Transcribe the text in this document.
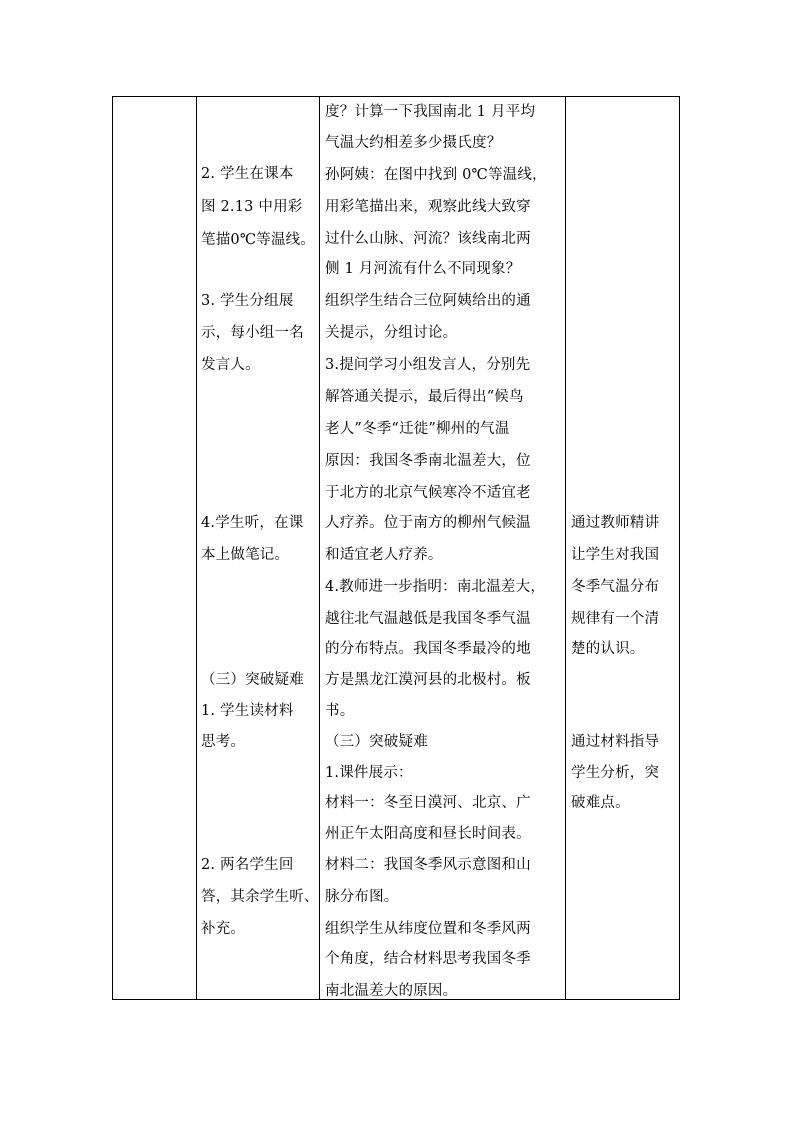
2. 学生在课本
图 2.13 中用彩
笔描0℃等温线。
3. 学生分组展
示，每小组一名
发言人。
4.学生听，在课
本上做笔记。
（三）突破疑难
1. 学生读材料
思考。
2. 两名学生回
答，其余学生听、
补充。
度？计算一下我国南北 1 月平均
气温大约相差多少摄氏度？
孙阿姨：在图中找到 0℃等温线，
用彩笔描出来，观察此线大致穿
过什么山脉、河流？该线南北两
侧 1 月河流有什么不同现象？
组织学生结合三位阿姨给出的通
关提示，分组讨论。
3.提问学习小组发言人，分别先
解答通关提示，最后得出“候鸟
老人”冬季“迁徙”柳州的气温
原因：我国冬季南北温差大，位
于北方的北京气候寒冷不适宜老
人疗养。位于南方的柳州气候温
和适宜老人疗养。
4.教师进一步指明：南北温差大，
越往北气温越低是我国冬季气温
的分布特点。我国冬季最冷的地
方是黑龙江漠河县的北极村。板
书。
（三）突破疑难
1.课件展示：
材料一：冬至日漠河、北京、广
州正午太阳高度和昼长时间表。
材料二：我国冬季风示意图和山
脉分布图。
组织学生从纬度位置和冬季风两
个角度，结合材料思考我国冬季
南北温差大的原因。
通过教师精讲
让学生对我国
冬季气温分布
规律有一个清
楚的认识。
通过材料指导
学生分析，突
破难点。
